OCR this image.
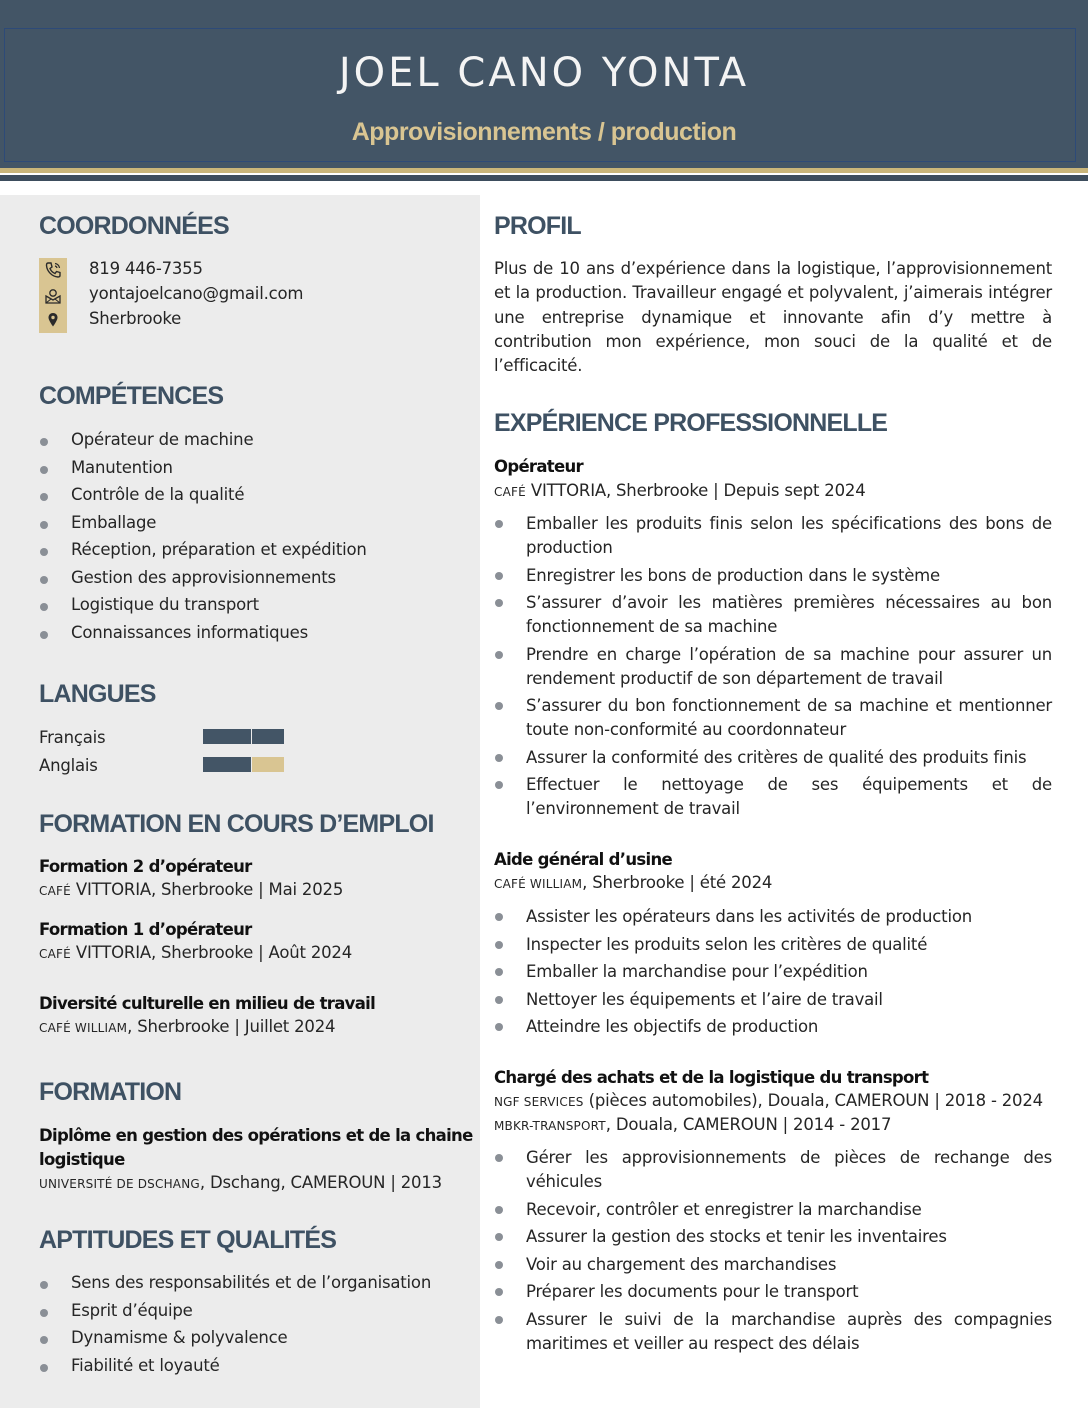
JOEL CANO YONTA
Approvisionnements / production
COORDONNÉES
819 446-7355
yontajoelcano@gmail.com
Sherbrooke
COMPÉTENCES
Opérateur de machine
Manutention
Contrôle de la qualité
Emballage
Réception, préparation et expédition
Gestion des approvisionnements
Logistique du transport
Connaissances informatiques
LANGUES
Français
Anglais
FORMATION EN COURS D’EMPLOI
Formation 2 d’opérateur
CAFÉ VITTORIA, Sherbrooke | Mai 2025
Formation 1 d’opérateur
CAFÉ VITTORIA, Sherbrooke | Août 2024
Diversité culturelle en milieu de travail
CAFÉ WILLIAM, Sherbrooke | Juillet 2024
FORMATION
Diplôme en gestion des opérations et de la chaine
logistique
UNIVERSITÉ DE DSCHANG, Dschang, CAMEROUN | 2013
APTITUDES ET QUALITÉS
Sens des responsabilités et de l’organisation
Esprit d’équipe
Dynamisme & polyvalence
Fiabilité et loyauté
PROFIL
Plus de 10 ans d’expérience dans la logistique, l’approvisionnement et la production. Travailleur engagé et polyvalent, j’aimerais intégrer une entreprise dynamique et innovante afin d’y mettre à contribution mon expérience, mon souci de la qualité et de l’efficacité.
EXPÉRIENCE PROFESSIONNELLE
Opérateur
CAFÉ VITTORIA, Sherbrooke | Depuis sept 2024
Emballer les produits finis selon les spécifications des bons de production
Enregistrer les bons de production dans le système
S’assurer d’avoir les matières premières nécessaires au bon fonctionnement de sa machine
Prendre en charge l’opération de sa machine pour assurer un rendement productif de son département de travail
S’assurer du bon fonctionnement de sa machine et mentionner toute non-conformité au coordonnateur
Assurer la conformité des critères de qualité des produits finis
Effectuer le nettoyage de ses équipements et de l’environnement de travail
Aide général d’usine
CAFÉ WILLIAM, Sherbrooke | été 2024
Assister les opérateurs dans les activités de production
Inspecter les produits selon les critères de qualité
Emballer la marchandise pour l’expédition
Nettoyer les équipements et l’aire de travail
Atteindre les objectifs de production
Chargé des achats et de la logistique du transport
NGF SERVICES (pièces automobiles), Douala, CAMEROUN | 2018 - 2024
MBKR-TRANSPORT, Douala, CAMEROUN | 2014 - 2017
Gérer les approvisionnements de pièces de rechange des véhicules
Recevoir, contrôler et enregistrer la marchandise
Assurer la gestion des stocks et tenir les inventaires
Voir au chargement des marchandises
Préparer les documents pour le transport
Assurer le suivi de la marchandise auprès des compagnies maritimes et veiller au respect des délais
